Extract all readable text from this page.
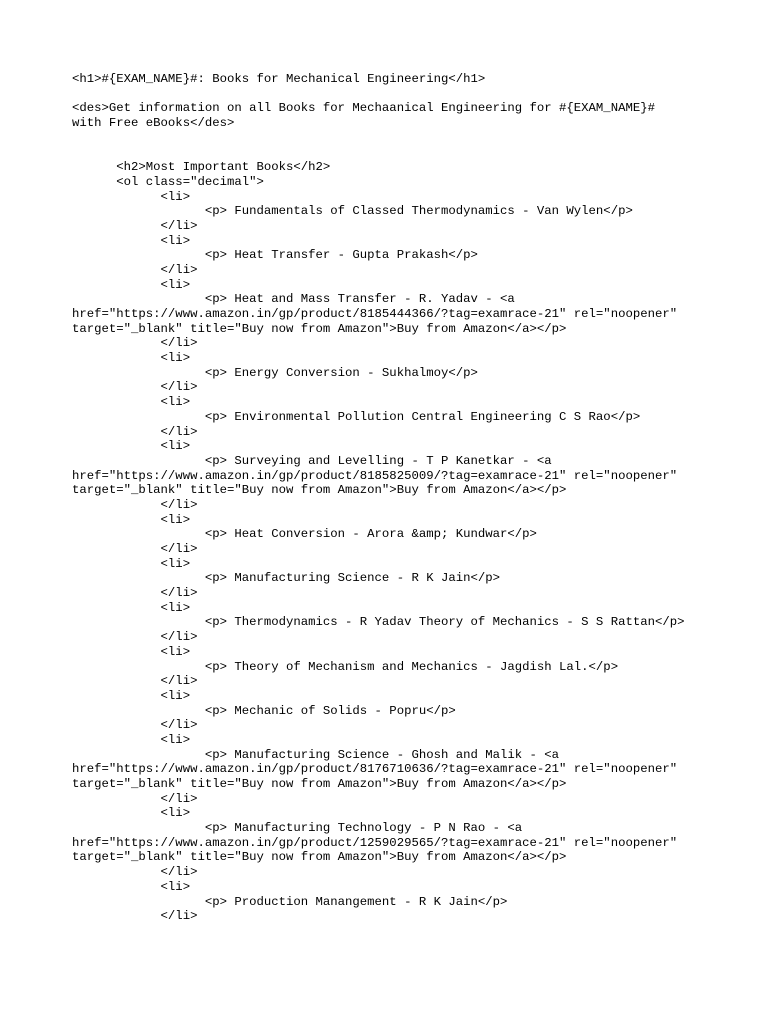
<h1>#{EXAM_NAME}#: Books for Mechanical Engineering</h1>
<des>Get information on all Books for Mechaanical Engineering for #{EXAM_NAME}#
with Free eBooks</des>
<h2>Most Important Books</h2>
<ol class="decimal">
<li>
<p> Fundamentals of Classed Thermodynamics - Van Wylen</p>
</li>
<li>
<p> Heat Transfer - Gupta Prakash</p>
</li>
<li>
<p> Heat and Mass Transfer - R. Yadav - <a
href="https://www.amazon.in/gp/product/8185444366/?tag=examrace-21" rel="noopener"
target="_blank" title="Buy now from Amazon">Buy from Amazon</a></p>
</li>
<li>
<p> Energy Conversion - Sukhalmoy</p>
</li>
<li>
<p> Environmental Pollution Central Engineering C S Rao</p>
</li>
<li>
<p> Surveying and Levelling - T P Kanetkar - <a
href="https://www.amazon.in/gp/product/8185825009/?tag=examrace-21" rel="noopener"
target="_blank" title="Buy now from Amazon">Buy from Amazon</a></p>
</li>
<li>
<p> Heat Conversion - Arora &amp; Kundwar</p>
</li>
<li>
<p> Manufacturing Science - R K Jain</p>
</li>
<li>
<p> Thermodynamics - R Yadav Theory of Mechanics - S S Rattan</p>
</li>
<li>
<p> Theory of Mechanism and Mechanics - Jagdish Lal.</p>
</li>
<li>
<p> Mechanic of Solids - Popru</p>
</li>
<li>
<p> Manufacturing Science - Ghosh and Malik - <a
href="https://www.amazon.in/gp/product/8176710636/?tag=examrace-21" rel="noopener"
target="_blank" title="Buy now from Amazon">Buy from Amazon</a></p>
</li>
<li>
<p> Manufacturing Technology - P N Rao - <a
href="https://www.amazon.in/gp/product/1259029565/?tag=examrace-21" rel="noopener"
target="_blank" title="Buy now from Amazon">Buy from Amazon</a></p>
</li>
<li>
<p> Production Manangement - R K Jain</p>
</li>
